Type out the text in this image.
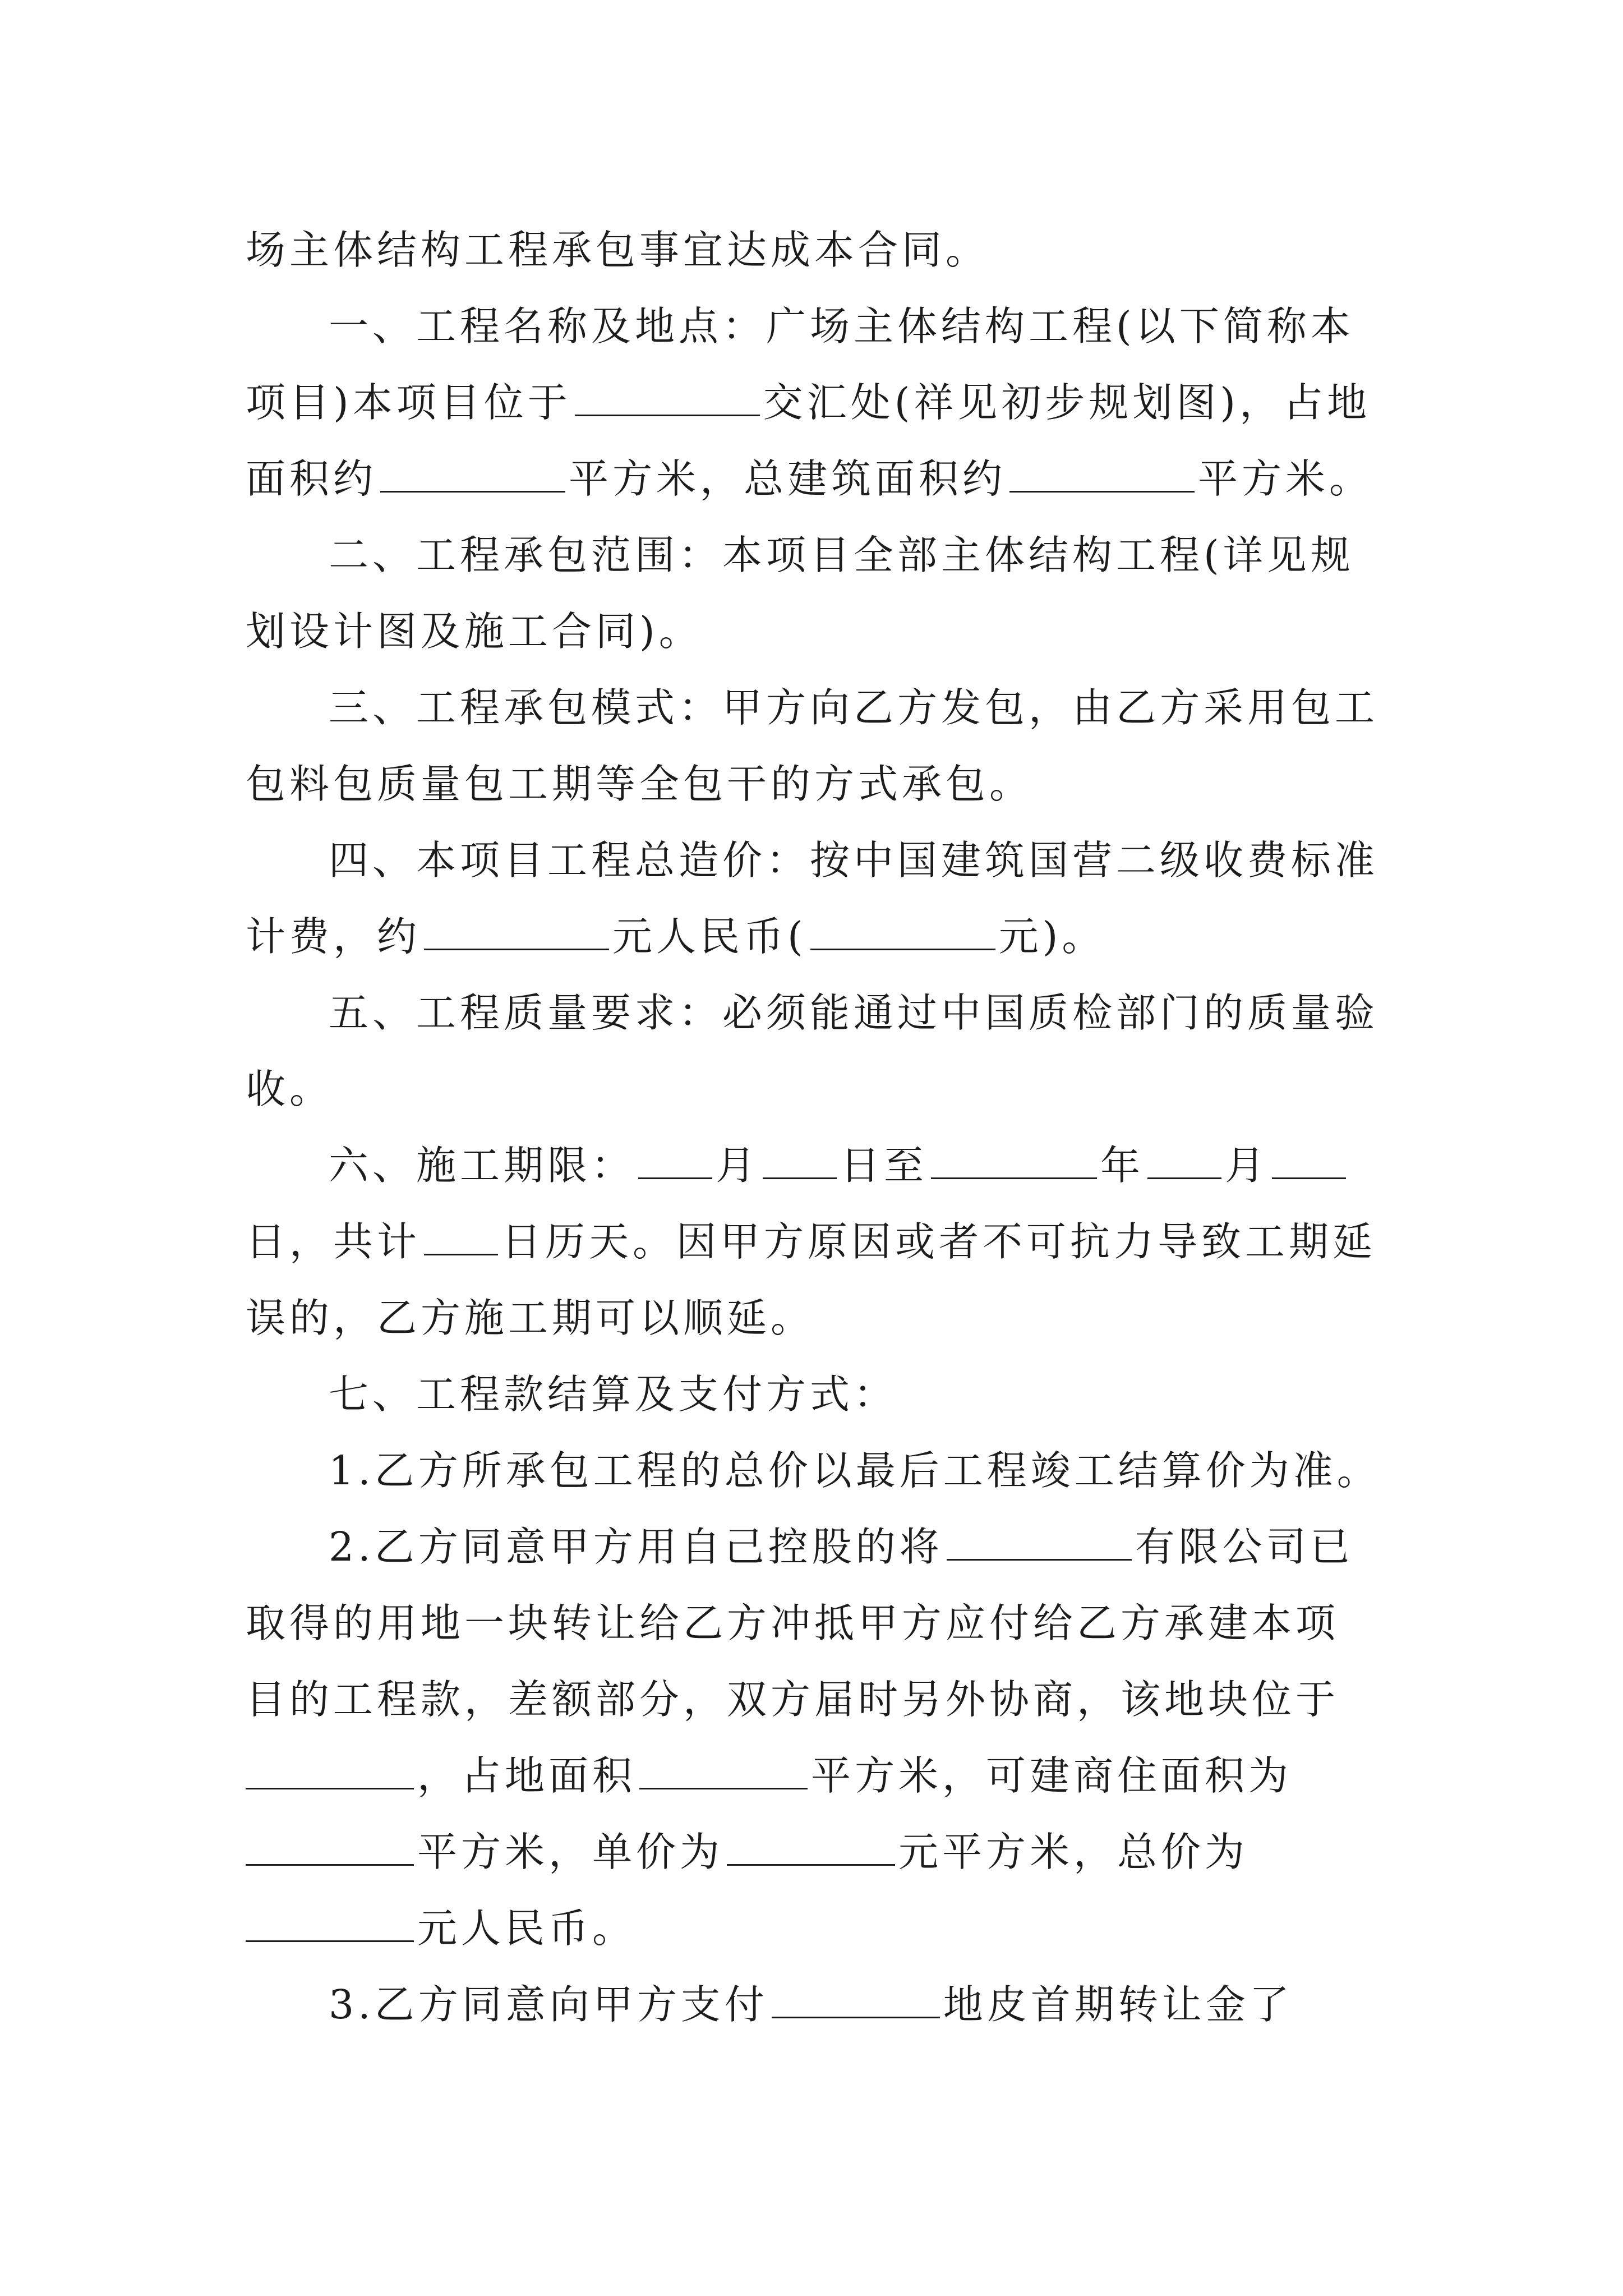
场主体结构工程承包事宜达成本合同。
一、工程名称及地点：广场主体结构工程(以下简称本
项目)本项目位于	交汇处(祥见初步规划图)，占地
面积约	平方米，总建筑面积约	平方米。
二、工程承包范围：本项目全部主体结构工程(详见规
划设计图及施工合同)。
三、工程承包模式：甲方向乙方发包，由乙方采用包工
包料包质量包工期等全包干的方式承包。
四、本项目工程总造价：按中国建筑国营二级收费标准
计费，约	元人民币(	元)。
五、工程质量要求：必须能通过中国质检部门的质量验
收。
六、施工期限： 月 日至	年 月
日，共计 日历天。因甲方原因或者不可抗力导致工期延
误的，乙方施工期可以顺延。
七、工程款结算及支付方式：
1.乙方所承包工程的总价以最后工程竣工结算价为准。
2.乙方同意甲方用自己控股的将	有限公司已
取得的用地一块转让给乙方冲抵甲方应付给乙方承建本项
目的工程款，差额部分，双方届时另外协商，该地块位于
，占地面积	平方米，可建商住面积为
平方米，单价为	元平方米，总价为
元人民币。
3.乙方同意向甲方支付	地皮首期转让金了
